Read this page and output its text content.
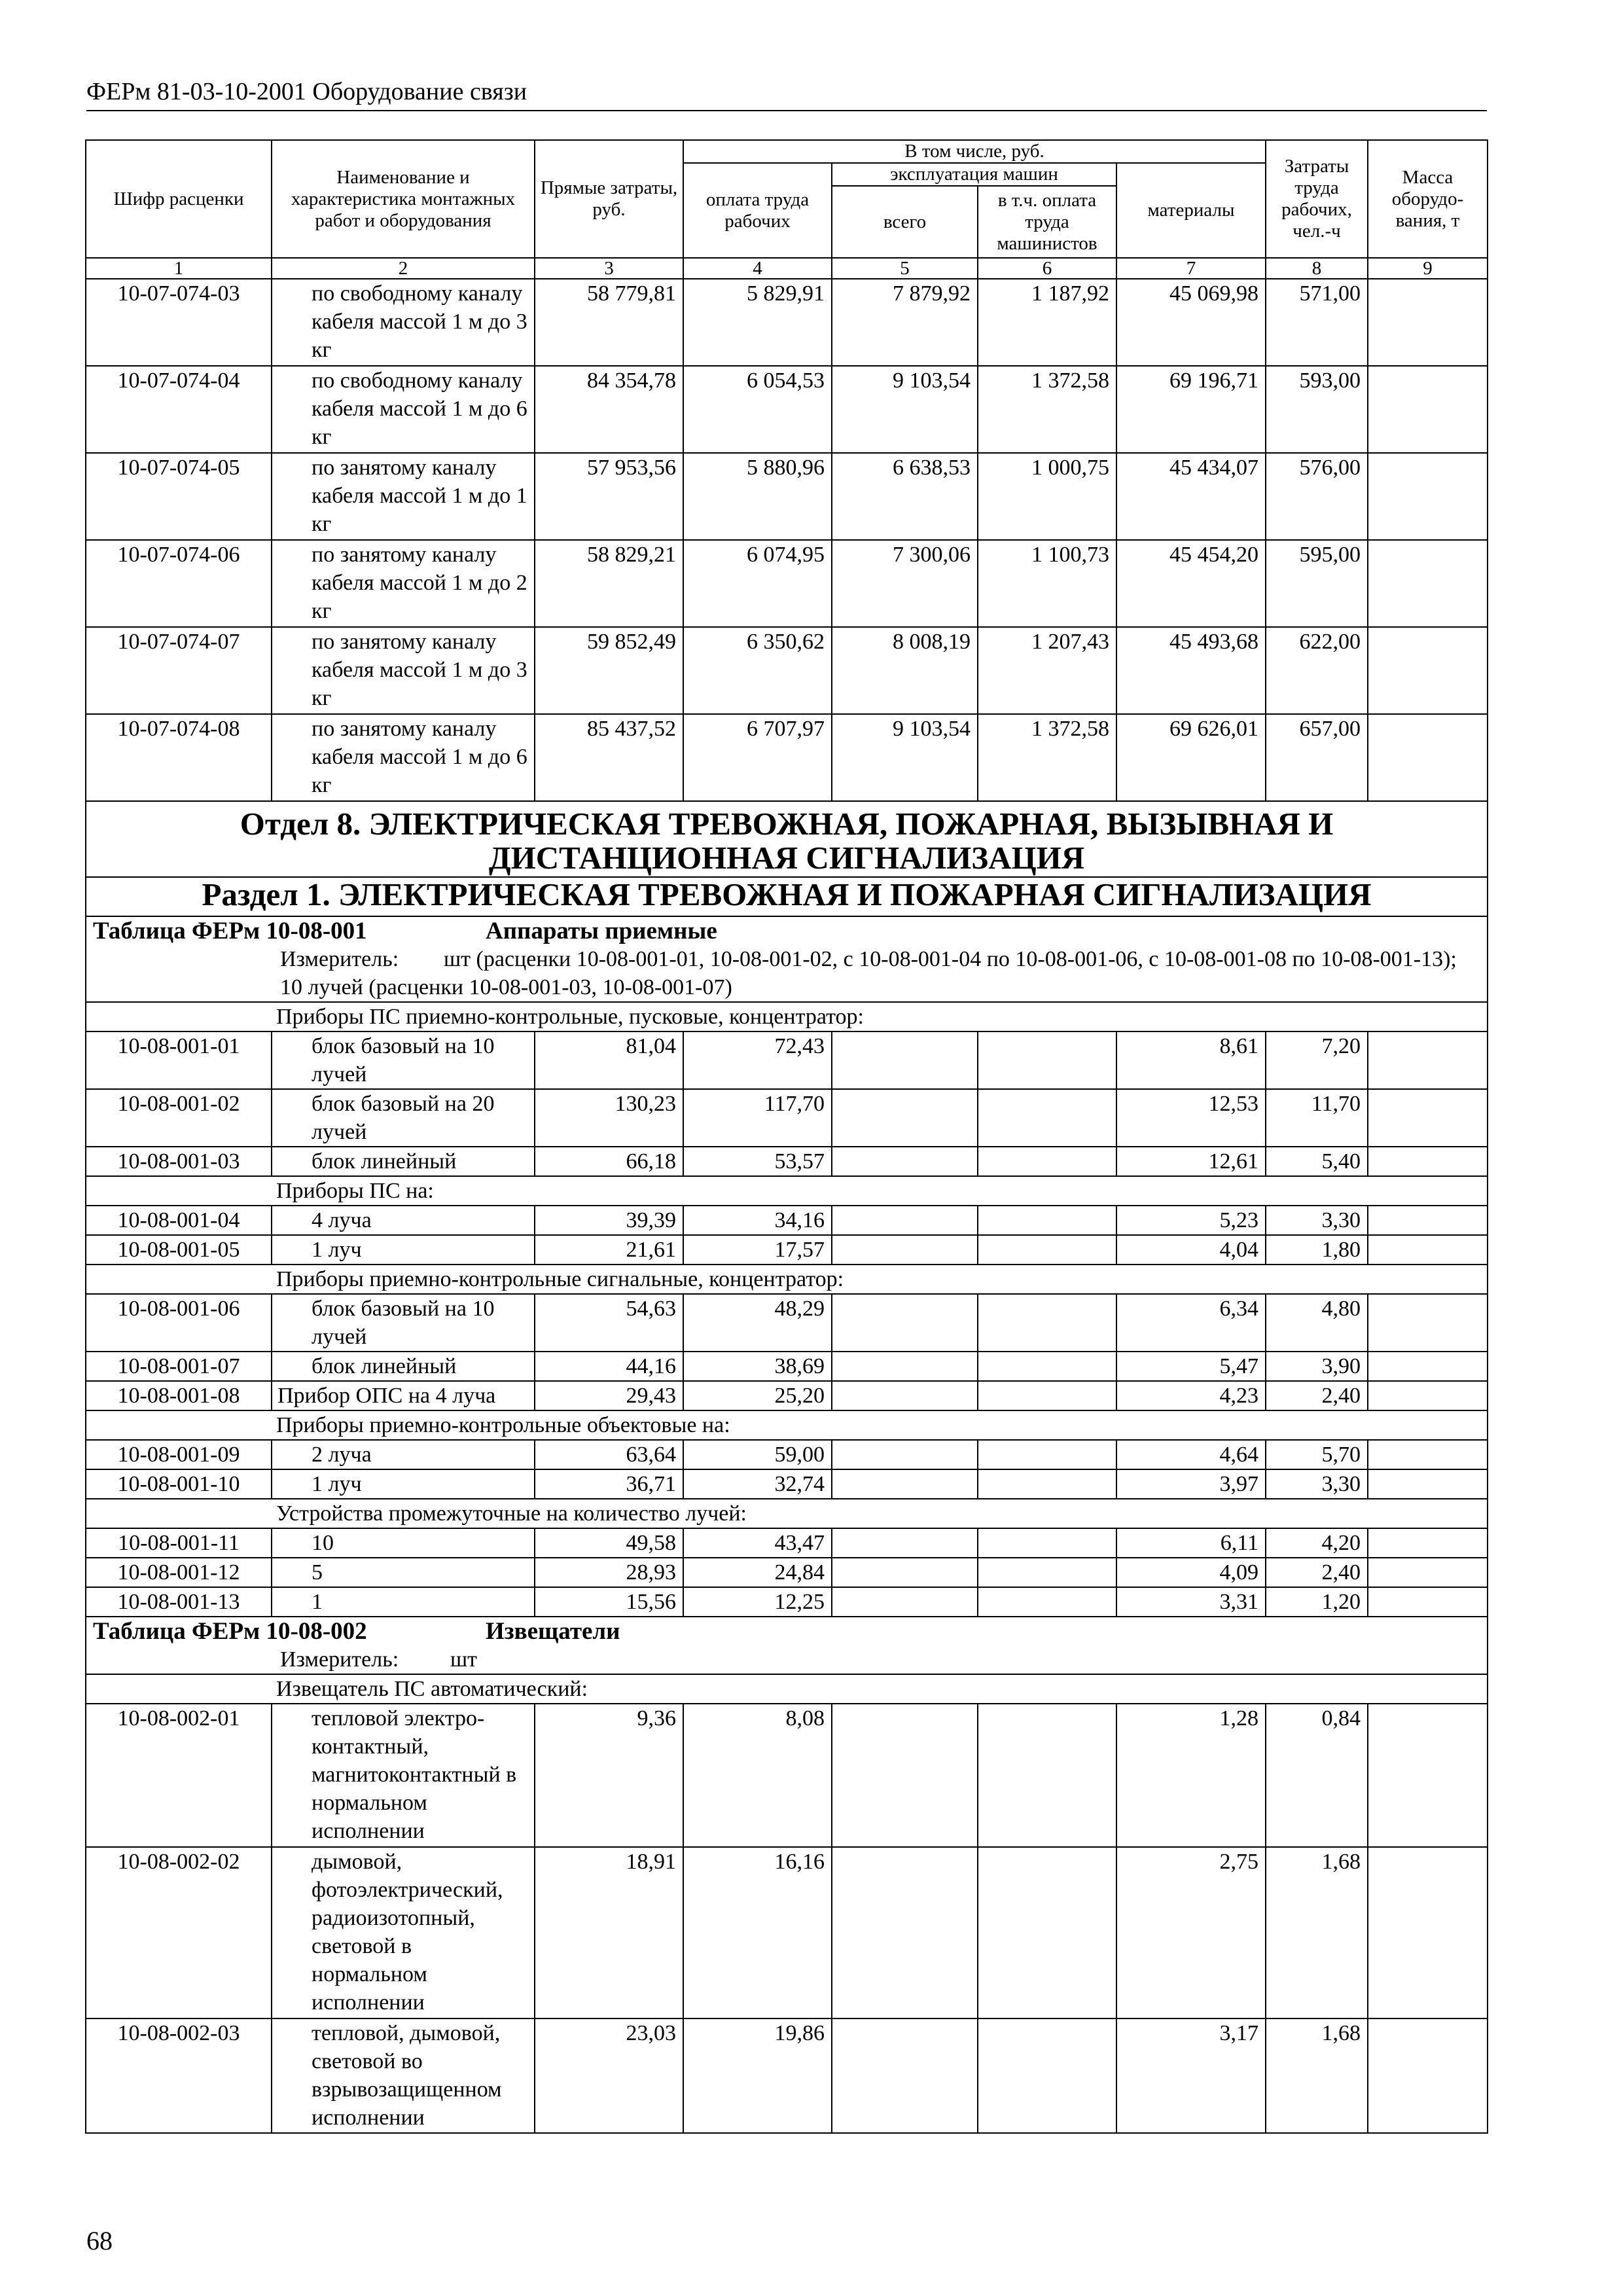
ФЕРм 81-03-10-2001 Оборудование связи
Шифр расценки	Наименование и характеристика монтажных работ и оборудования	Прямые затраты, руб.	В том числе, руб.				Затраты труда рабочих, чел.-ч	Масса оборудо-вания, т
			оплата труда рабочих	эксплуатация машин		материалы		
				всего	в т.ч. оплата труда машинистов			
1	2	3	4	5	6	7	8	9
10-07-074-03	по свободному каналу кабеля массой 1 м до 3 кг	58 779,81	5 829,91	7 879,92	1 187,92	45 069,98	571,00	
10-07-074-04	по свободному каналу кабеля массой 1 м до 6 кг	84 354,78	6 054,53	9 103,54	1 372,58	69 196,71	593,00	
10-07-074-05	по занятому каналу кабеля массой 1 м до 1 кг	57 953,56	5 880,96	6 638,53	1 000,75	45 434,07	576,00	
10-07-074-06	по занятому каналу кабеля массой 1 м до 2 кг	58 829,21	6 074,95	7 300,06	1 100,73	45 454,20	595,00	
10-07-074-07	по занятому каналу кабеля массой 1 м до 3 кг	59 852,49	6 350,62	8 008,19	1 207,43	45 493,68	622,00	
10-07-074-08	по занятому каналу кабеля массой 1 м до 6 кг	85 437,52	6 707,97	9 103,54	1 372,58	69 626,01	657,00	
Отдел 8. ЭЛЕКТРИЧЕСКАЯ ТРЕВОЖНАЯ, ПОЖАРНАЯ, ВЫЗЫВНАЯ И ДИСТАНЦИОННАЯ СИГНАЛИЗАЦИЯ								
Раздел 1. ЭЛЕКТРИЧЕСКАЯ ТРЕВОЖНАЯ И ПОЖАРНАЯ СИГНАЛИЗАЦИЯ								

Таблица ФЕРм 10-08-001 Аппараты приемные
Измеритель: шт (расценки 10-08-001-01, 10-08-001-02, с 10-08-001-04 по 10-08-001-06, с 10-08-001-08 по 10-08-001-13); 10 лучей (расценки 10-08-001-03, 10-08-001-07)								

Приборы ПС приемно-контрольные, пусковые, концентратор:								
10-08-001-01	блок базовый на 10 лучей	81,04	72,43			8,61	7,20	
10-08-001-02	блок базовый на 20 лучей	130,23	117,70			12,53	11,70	
10-08-001-03	блок линейный	66,18	53,57			12,61	5,40	
Приборы ПС на:								
10-08-001-04	4 луча	39,39	34,16			5,23	3,30	
10-08-001-05	1 луч	21,61	17,57			4,04	1,80	
Приборы приемно-контрольные сигнальные, концентратор:								
10-08-001-06	блок базовый на 10 лучей	54,63	48,29			6,34	4,80	
10-08-001-07	блок линейный	44,16	38,69			5,47	3,90	
10-08-001-08	Прибор ОПС на 4 луча	29,43	25,20			4,23	2,40	
Приборы приемно-контрольные объектовые на:								
10-08-001-09	2 луча	63,64	59,00			4,64	5,70	
10-08-001-10	1 луч	36,71	32,74			3,97	3,30	
Устройства промежуточные на количество лучей:								
10-08-001-11	10	49,58	43,47			6,11	4,20	
10-08-001-12	5	28,93	24,84			4,09	2,40	
10-08-001-13	1	15,56	12,25			3,31	1,20	

Таблица ФЕРм 10-08-002 Извещатели
Измеритель: шт								

Извещатель ПС автоматический:								
10-08-002-01	тепловой электро-контактный, магнитоконтактный в нормальном исполнении	9,36	8,08			1,28	0,84	
10-08-002-02	дымовой, фотоэлектрический, радиоизотопный, световой в нормальном исполнении	18,91	16,16			2,75	1,68	
10-08-002-03	тепловой, дымовой, световой во взрывозащищенном исполнении	23,03	19,86			3,17	1,68	
68
